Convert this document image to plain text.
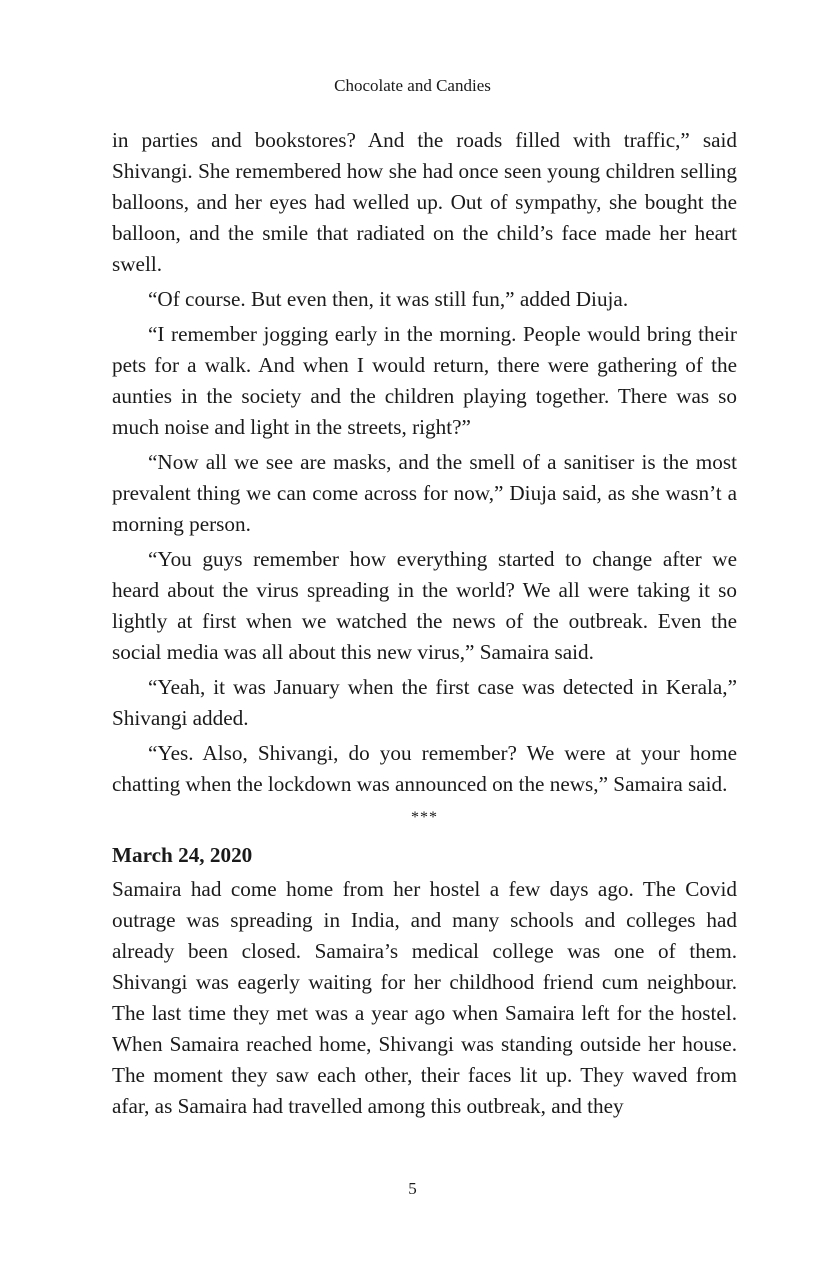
Chocolate and Candies

in parties and bookstores? And the roads filled with traffic,” said Shivangi. She remembered how she had once seen young children selling balloons, and her eyes had welled up. Out of sympathy, she bought the balloon, and the smile that radiated on the child’s face made her heart swell.

“Of course. But even then, it was still fun,” added Diuja.

“I remember jogging early in the morning. People would bring their pets for a walk. And when I would return, there were gathering of the aunties in the society and the children playing together. There was so much noise and light in the streets, right?”

“Now all we see are masks, and the smell of a sanitiser is the most prevalent thing we can come across for now,” Diuja said, as she wasn’t a morning person.

“You guys remember how everything started to change after we heard about the virus spreading in the world? We all were taking it so lightly at first when we watched the news of the outbreak. Even the social media was all about this new virus,” Samaira said.

“Yeah, it was January when the first case was detected in Kerala,” Shivangi added.

“Yes. Also, Shivangi, do you remember? We were at your home chatting when the lockdown was announced on the news,” Samaira said.

***
March 24, 2020

Samaira had come home from her hostel a few days ago. The Covid outrage was spreading in India, and many schools and colleges had already been closed. Samaira’s medical college was one of them. Shivangi was eagerly waiting for her childhood friend cum neighbour. The last time they met was a year ago when Samaira left for the hostel. When Samaira reached home, Shivangi was standing outside her house. The moment they saw each other, their faces lit up. They waved from afar, as Samaira had travelled among this outbreak, and they

5
